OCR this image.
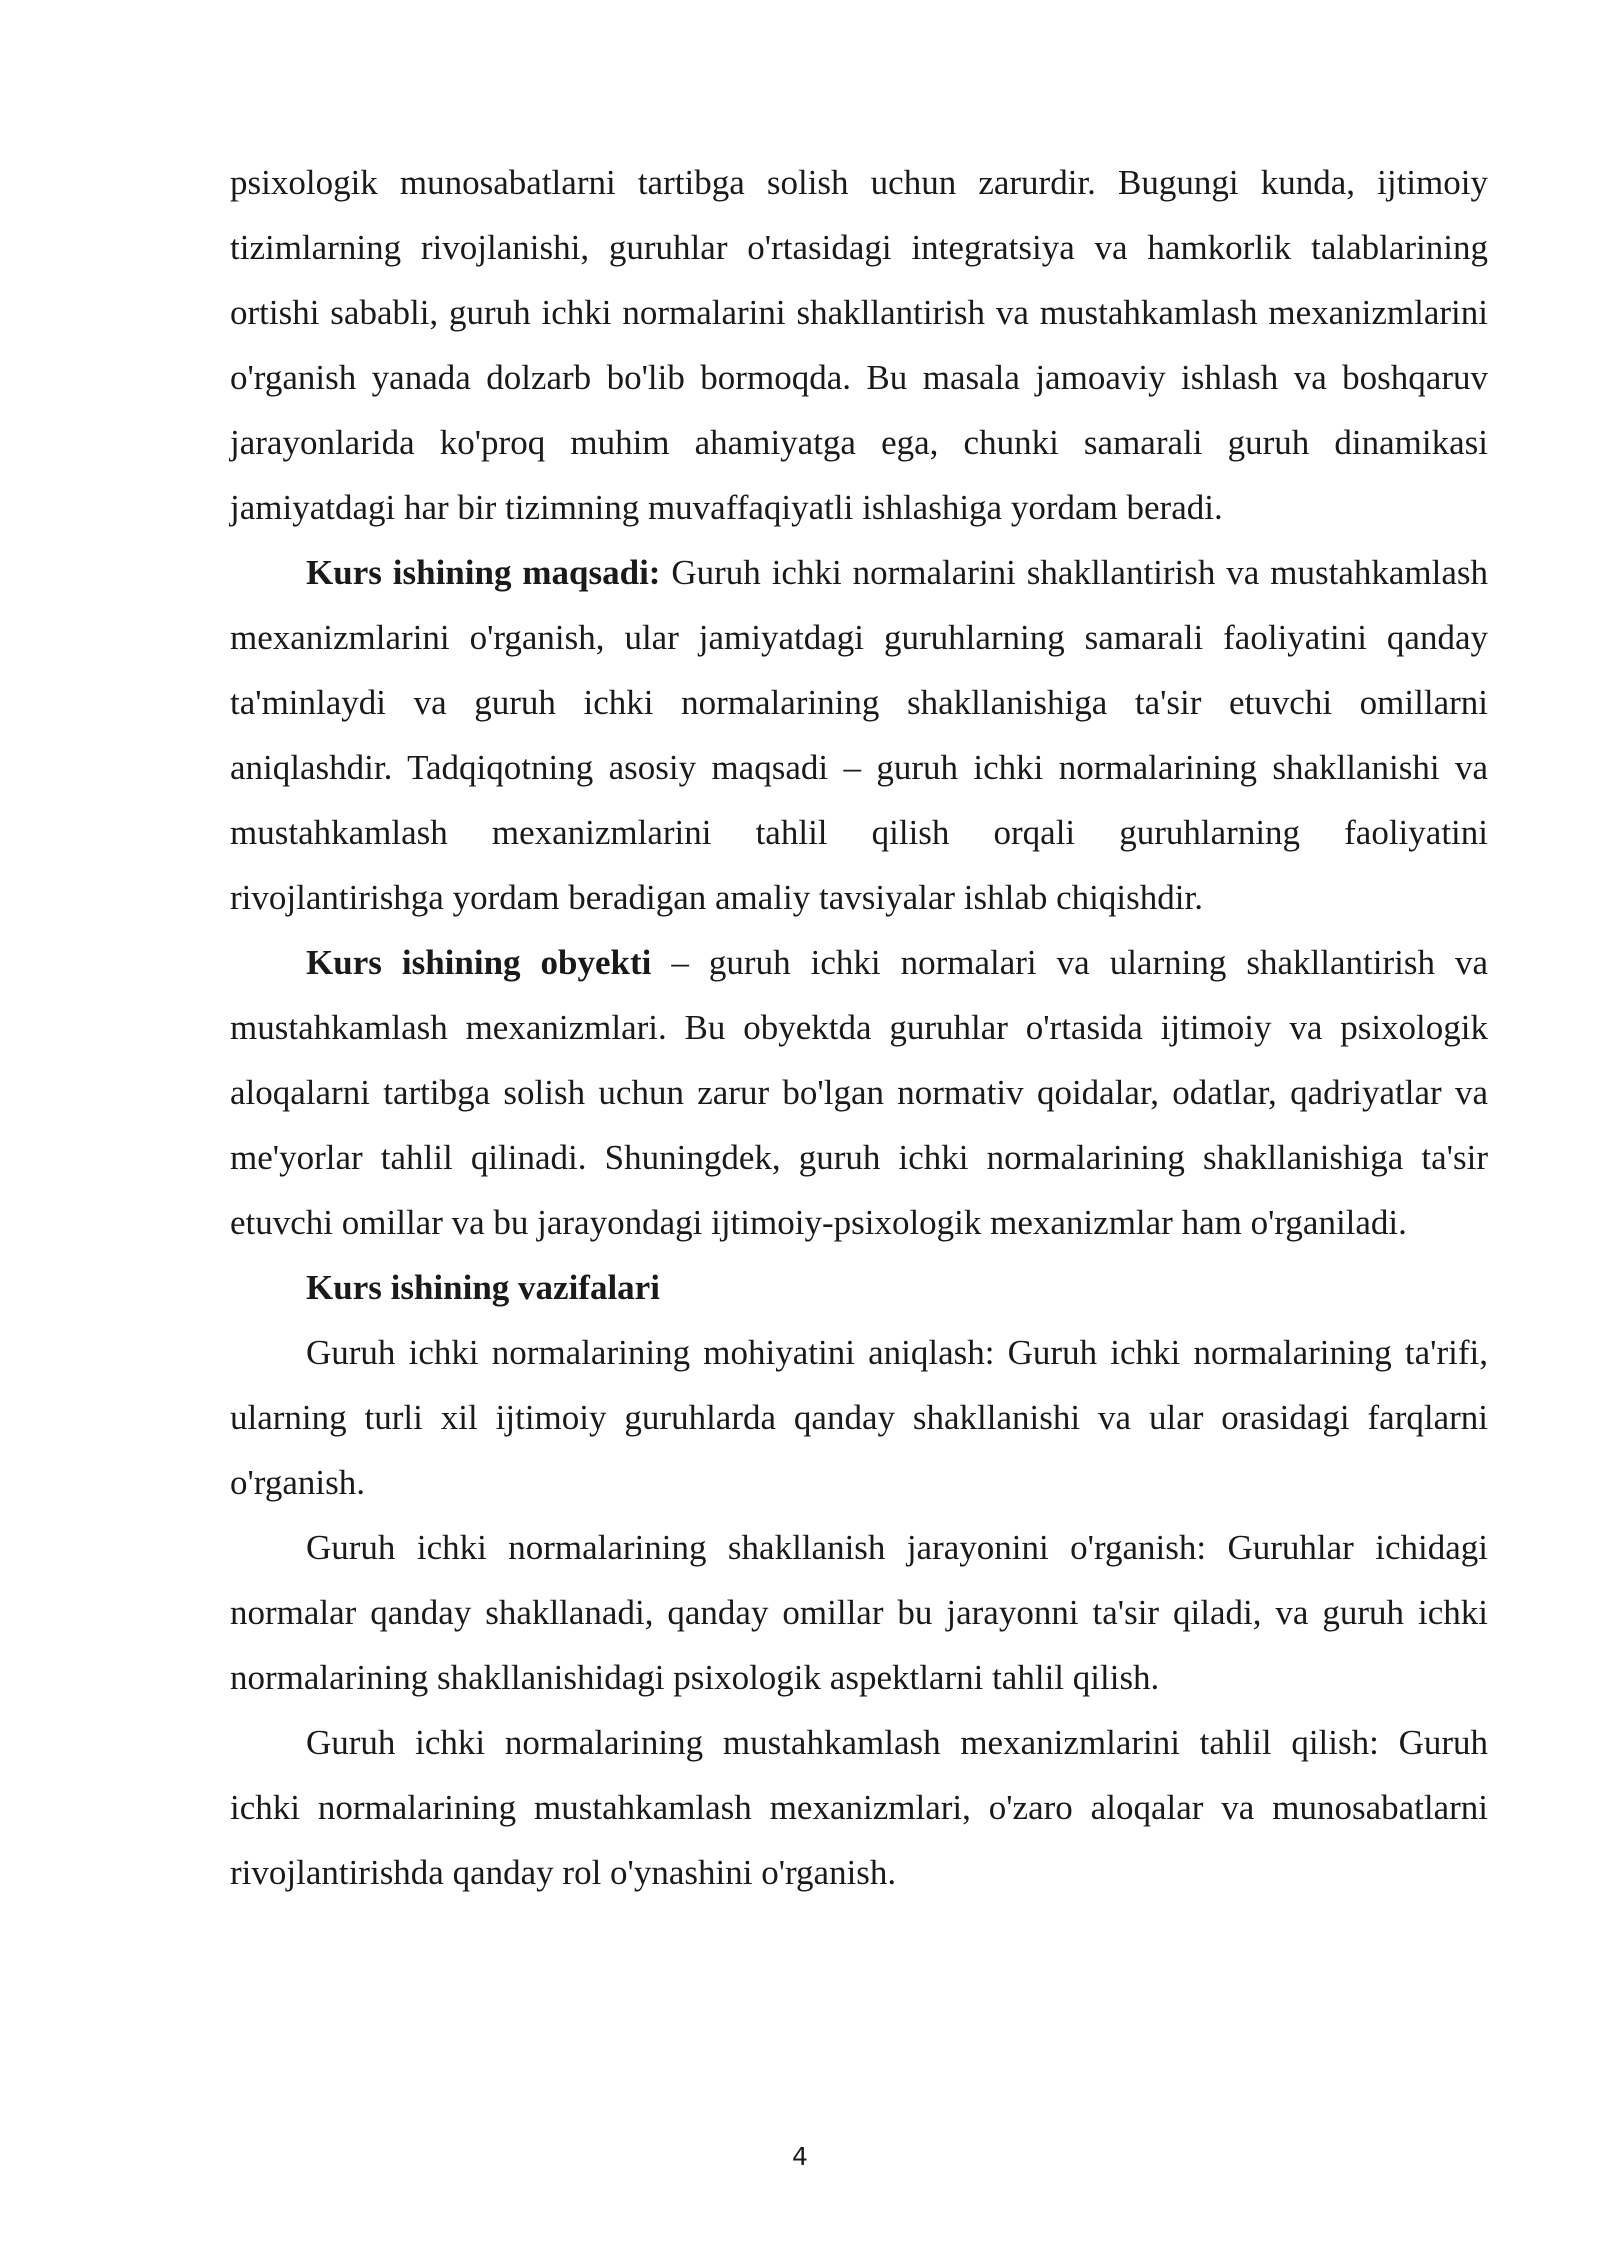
psixologik munosabatlarni tartibga solish uchun zarurdir. Bugungi kunda, ijtimoiy tizimlarning rivojlanishi, guruhlar o'rtasidagi integratsiya va hamkorlik talablarining ortishi sababli, guruh ichki normalarini shakllantirish va mustahkamlash mexanizmlarini o'rganish yanada dolzarb bo'lib bormoqda. Bu masala jamoaviy ishlash va boshqaruv jarayonlarida ko'proq muhim ahamiyatga ega, chunki samarali guruh dinamikasi jamiyatdagi har bir tizimning muvaffaqiyatli ishlashiga yordam beradi.

Kurs ishining maqsadi: Guruh ichki normalarini shakllantirish va mustahkamlash mexanizmlarini o'rganish, ular jamiyatdagi guruhlarning samarali faoliyatini qanday ta'minlaydi va guruh ichki normalarining shakllanishiga ta'sir etuvchi omillarni aniqlashdir. Tadqiqotning asosiy maqsadi – guruh ichki normalarining shakllanishi va mustahkamlash mexanizmlarini tahlil qilish orqali guruhlarning faoliyatini rivojlantirishga yordam beradigan amaliy tavsiyalar ishlab chiqishdir.

Kurs ishining obyekti – guruh ichki normalari va ularning shakllantirish va mustahkamlash mexanizmlari. Bu obyektda guruhlar o'rtasida ijtimoiy va psixologik aloqalarni tartibga solish uchun zarur bo'lgan normativ qoidalar, odatlar, qadriyatlar va me'yorlar tahlil qilinadi. Shuningdek, guruh ichki normalarining shakllanishiga ta'sir etuvchi omillar va bu jarayondagi ijtimoiy-psixologik mexanizmlar ham o'rganiladi.

Kurs ishining vazifalari

Guruh ichki normalarining mohiyatini aniqlash: Guruh ichki normalarining ta'rifi, ularning turli xil ijtimoiy guruhlarda qanday shakllanishi va ular orasidagi farqlarni o'rganish.

Guruh ichki normalarining shakllanish jarayonini o'rganish: Guruhlar ichidagi normalar qanday shakllanadi, qanday omillar bu jarayonni ta'sir qiladi, va guruh ichki normalarining shakllanishidagi psixologik aspektlarni tahlil qilish.

Guruh ichki normalarining mustahkamlash mexanizmlarini tahlil qilish: Guruh ichki normalarining mustahkamlash mexanizmlari, o'zaro aloqalar va munosabatlarni rivojlantirishda qanday rol o'ynashini o'rganish.

4
